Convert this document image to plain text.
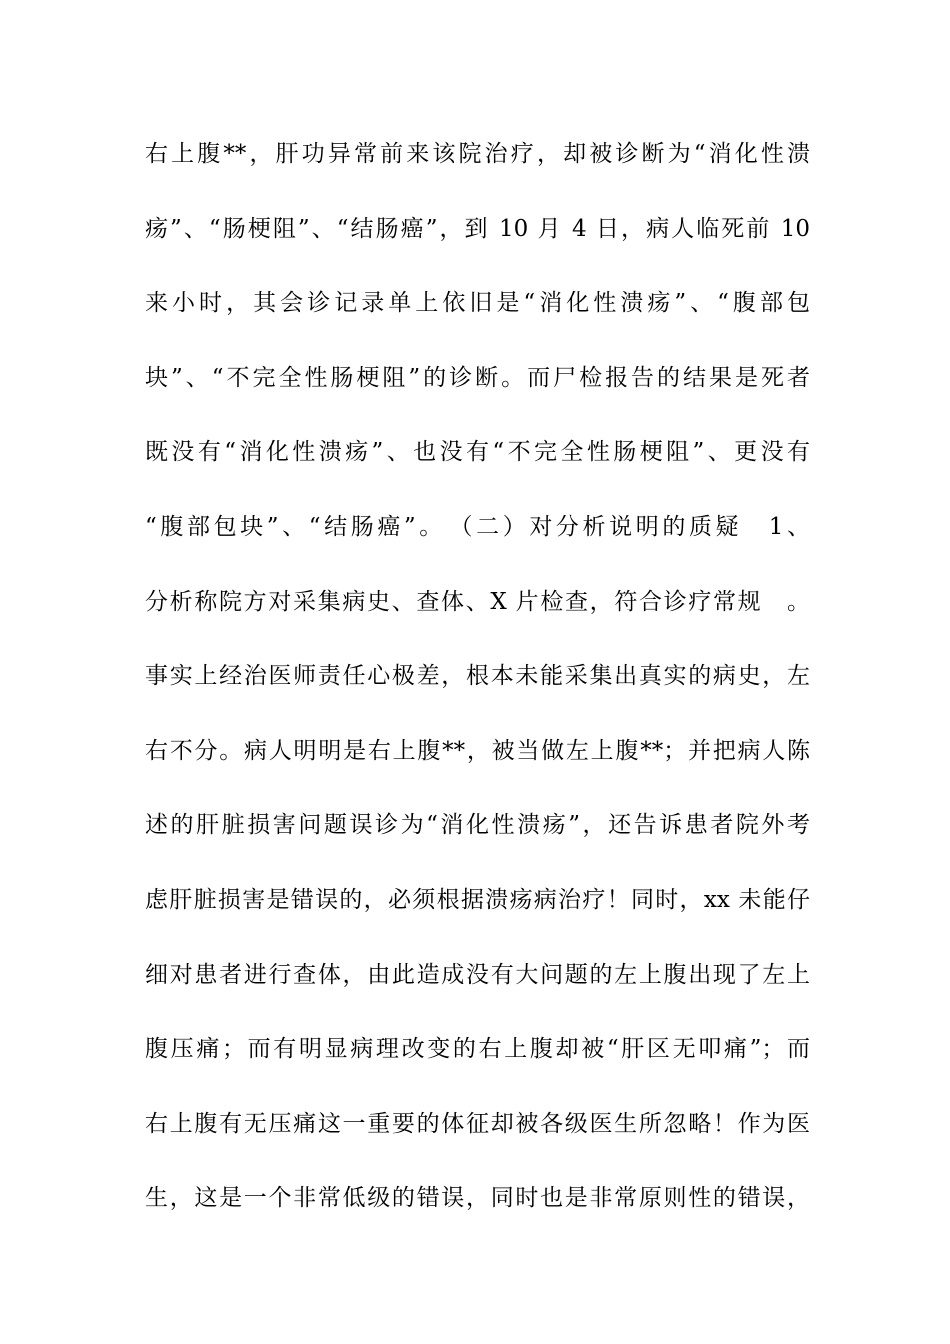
右上腹**，肝功异常前来该院治疗，却被诊断为“消化性溃
疡”、“肠梗阻”、“结肠癌”，到 10 月 4 日，病人临死前 10
来小时，其会诊记录单上依旧是“消化性溃疡”、“腹部包
块”、“不完全性肠梗阻”的诊断。而尸检报告的结果是死者
既没有“消化性溃疡”、也没有“不完全性肠梗阻”、更没有
“腹部包块”、“结肠癌”。　（二）对分析说明的质疑　1、
分析称院方对采集病史、查体、X 片检查，符合诊疗常规　。
事实上经治医师责任心极差，根本未能采集出真实的病史，左
右不分。病人明明是右上腹**，被当做左上腹**；并把病人陈
述的肝脏损害问题误诊为“消化性溃疡”，还告诉患者院外考
虑肝脏损害是错误的，必须根据溃疡病治疗！同时，xx 未能仔
细对患者进行查体，由此造成没有大问题的左上腹出现了左上
腹压痛；而有明显病理改变的右上腹却被“肝区无叩痛”；而
右上腹有无压痛这一重要的体征却被各级医生所忽略！作为医
生，这是一个非常低级的错误，同时也是非常原则性的错误，
